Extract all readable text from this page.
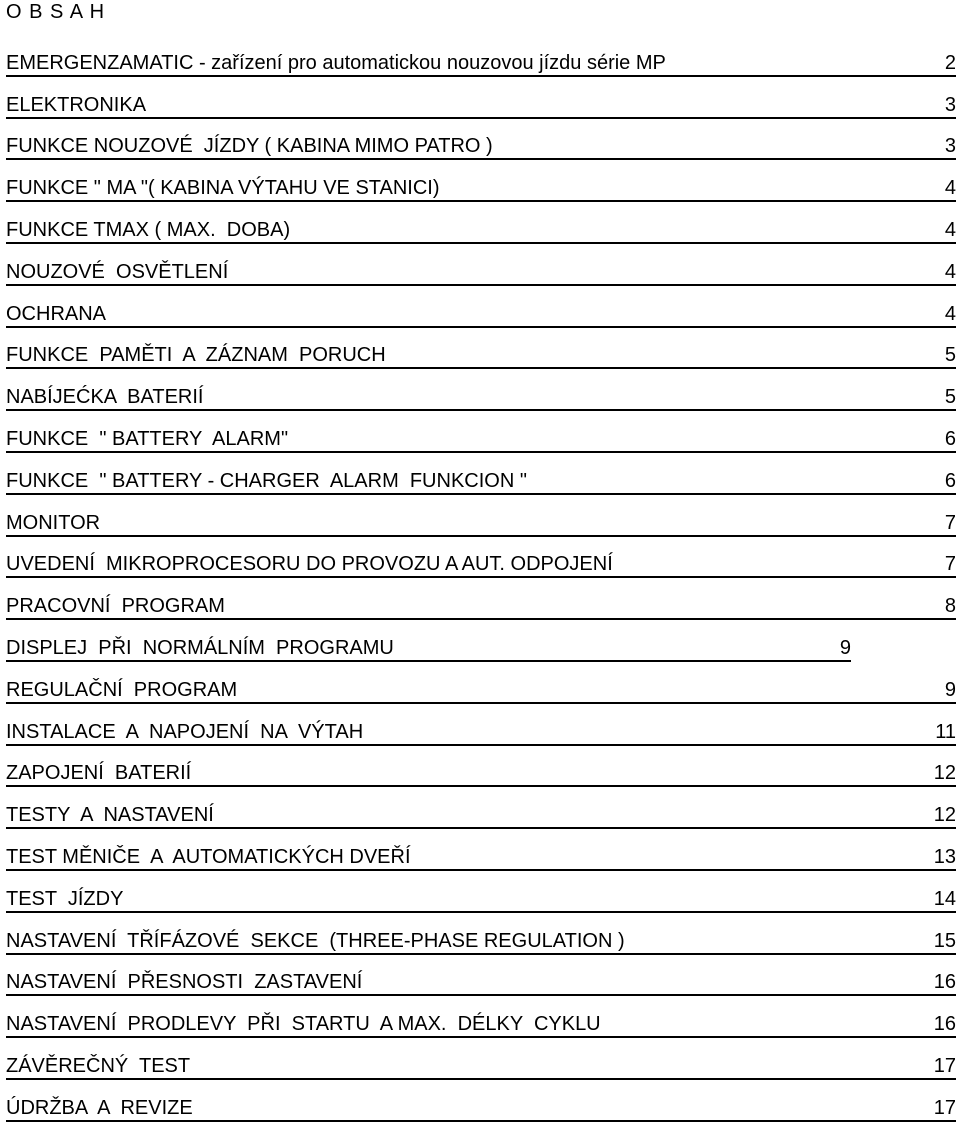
O B S A H
EMERGENZAMATIC - zařízení pro automatickou nouzovou jízdu série MP	2
ELEKTRONIKA	3
FUNKCE NOUZOVÉ  JÍZDY ( KABINA MIMO PATRO )	3
FUNKCE " MA "( KABINA VÝTAHU VE STANICI)	4
FUNKCE TMAX ( MAX.  DOBA)	4
NOUZOVÉ  OSVĚTLENÍ	4
OCHRANA	4
FUNKCE  PAMĚTI  A  ZÁZNAM  PORUCH	5
NABÍJEĆKA  BATERIÍ	5
FUNKCE  " BATTERY  ALARM"	6
FUNKCE  " BATTERY - CHARGER  ALARM  FUNKCION "	6
MONITOR	7
UVEDENÍ  MIKROPROCESORU DO PROVOZU A AUT. ODPOJENÍ	7
PRACOVNÍ  PROGRAM	8
DISPLEJ  PŘI  NORMÁLNÍM  PROGRAMU	9
REGULAČNÍ  PROGRAM	9
INSTALACE  A  NAPOJENÍ  NA  VÝTAH	11
ZAPOJENÍ  BATERIÍ	12
TESTY  A  NASTAVENÍ	12
TEST MĚNIČE  A  AUTOMATICKÝCH DVEŘÍ	13
TEST  JÍZDY	14
NASTAVENÍ  TŘÍFÁZOVÉ  SEKCE  (THREE-PHASE REGULATION )	15
NASTAVENÍ  PŘESNOSTI  ZASTAVENÍ	16
NASTAVENÍ  PRODLEVY  PŘI  STARTU  A MAX.  DÉLKY  CYKLU	16
ZÁVĚREČNÝ  TEST	17
ÚDRŽBA  A  REVIZE	17
